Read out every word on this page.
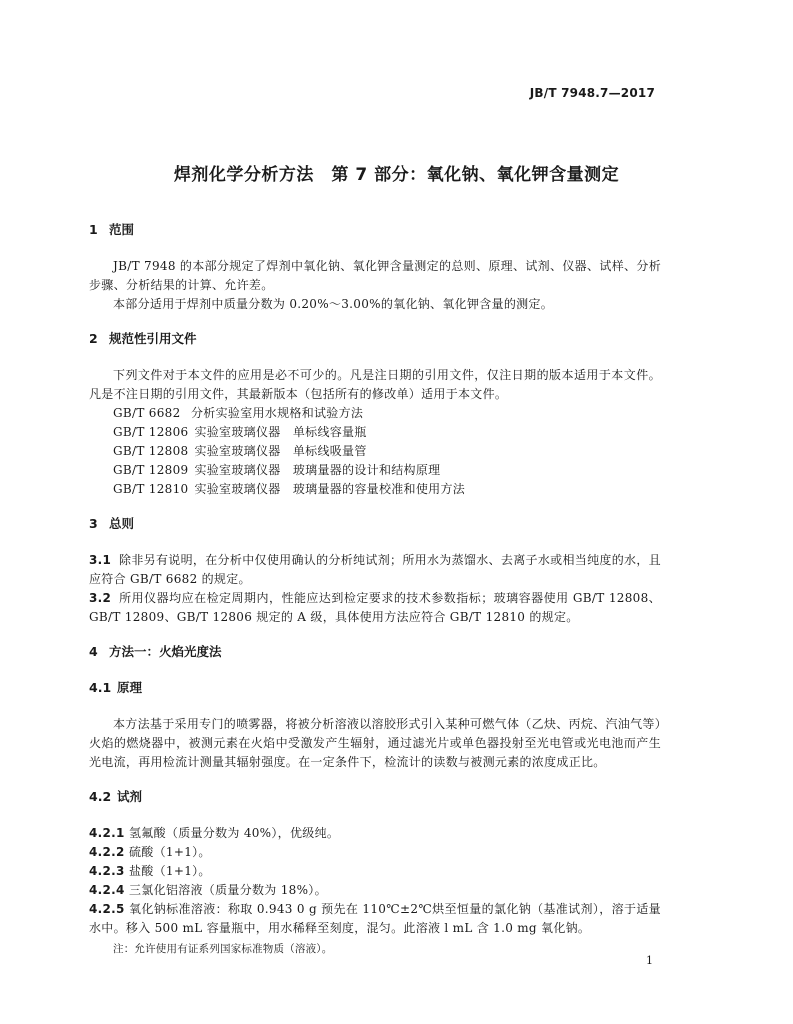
JB/T 7948.7—2017
焊剂化学分析方法　第 7 部分：氧化钠、氧化钾含量测定
1 范围

JB/T 7948 的本部分规定了焊剂中氧化钠、氧化钾含量测定的总则、原理、试剂、仪器、试样、分析步骤、分析结果的计算、允许差。

本部分适用于焊剂中质量分数为 0.20%～3.00%的氧化钠、氧化钾含量的测定。

2 规范性引用文件

下列文件对于本文件的应用是必不可少的。凡是注日期的引用文件，仅注日期的版本适用于本文件。凡是不注日期的引用文件，其最新版本（包括所有的修改单）适用于本文件。

GB/T 6682 分析实验室用水规格和试验方法
GB/T 12806 实验室玻璃仪器　单标线容量瓶
GB/T 12808 实验室玻璃仪器　单标线吸量管
GB/T 12809 实验室玻璃仪器　玻璃量器的设计和结构原理
GB/T 12810 实验室玻璃仪器　玻璃量器的容量校准和使用方法
3 总则

3.1 除非另有说明，在分析中仅使用确认的分析纯试剂；所用水为蒸馏水、去离子水或相当纯度的水，且应符合 GB/T 6682 的规定。

3.2 所用仪器均应在检定周期内，性能应达到检定要求的技术参数指标；玻璃容器使用 GB/T 12808、GB/T 12809、GB/T 12806 规定的 A 级，具体使用方法应符合 GB/T 12810 的规定。

4 方法一：火焰光度法
4.1 原理

本方法基于采用专门的喷雾器，将被分析溶液以溶胶形式引入某种可燃气体（乙炔、丙烷、汽油气等）火焰的燃烧器中，被测元素在火焰中受激发产生辐射，通过滤光片或单色器投射至光电管或光电池而产生光电流，再用检流计测量其辐射强度。在一定条件下，检流计的读数与被测元素的浓度成正比。

4.2 试剂

4.2.1 氢氟酸（质量分数为 40%），优级纯。

4.2.2 硫酸（1+1）。

4.2.3 盐酸（1+1）。

4.2.4 三氯化铝溶液（质量分数为 18%）。

4.2.5 氧化钠标准溶液：称取 0.943 0 g 预先在 110℃±2℃烘至恒量的氯化钠（基准试剂），溶于适量水中。移入 500 mL 容量瓶中，用水稀释至刻度，混匀。此溶液 l mL 含 1.0 mg 氧化钠。

注：允许使用有证系列国家标准物质（溶液）。
1
